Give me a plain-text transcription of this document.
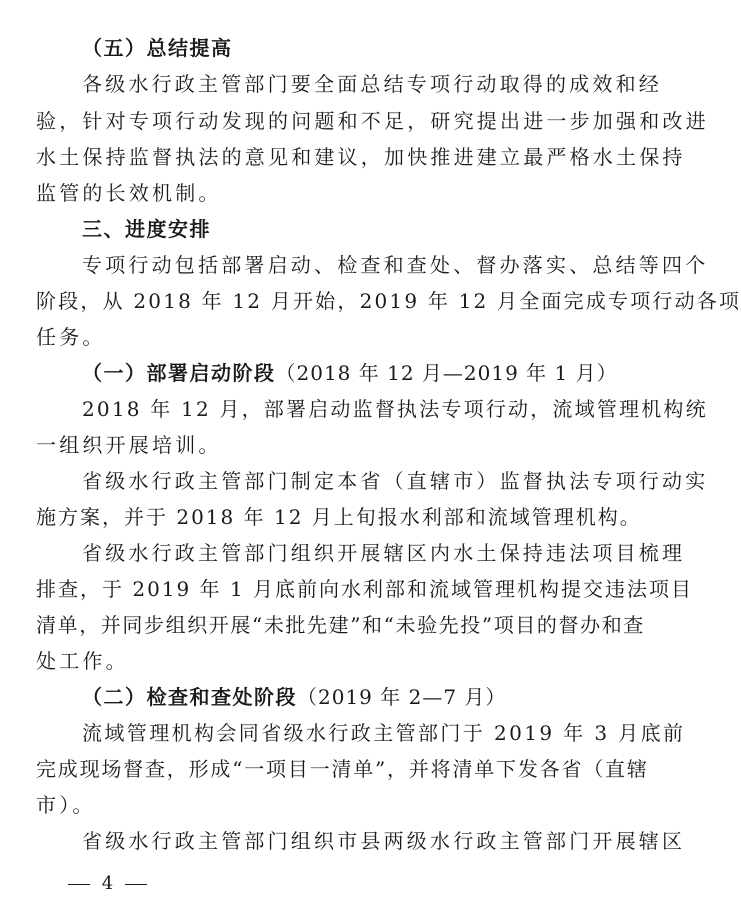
（五）总结提高
各级水行政主管部门要全面总结专项行动取得的成效和经
验，针对专项行动发现的问题和不足，研究提出进一步加强和改进
水土保持监督执法的意见和建议，加快推进建立最严格水土保持
监管的长效机制。
三、进度安排
专项行动包括部署启动、检查和查处、督办落实、总结等四个
阶段，从 2018 年 12 月开始，2019 年 12 月全面完成专项行动各项
任务。
（一）部署启动阶段（2018 年 12 月—2019 年 1 月）
2018 年 12 月，部署启动监督执法专项行动，流域管理机构统
一组织开展培训。
省级水行政主管部门制定本省（直辖市）监督执法专项行动实
施方案，并于 2018 年 12 月上旬报水利部和流域管理机构。
省级水行政主管部门组织开展辖区内水土保持违法项目梳理
排查，于 2019 年 1 月底前向水利部和流域管理机构提交违法项目
清单，并同步组织开展“未批先建”和“未验先投”项目的督办和查
处工作。
（二）检查和查处阶段（2019 年 2—7 月）
流域管理机构会同省级水行政主管部门于 2019 年 3 月底前
完成现场督查，形成“一项目一清单”，并将清单下发各省（直辖
市）。
省级水行政主管部门组织市县两级水行政主管部门开展辖区
4
